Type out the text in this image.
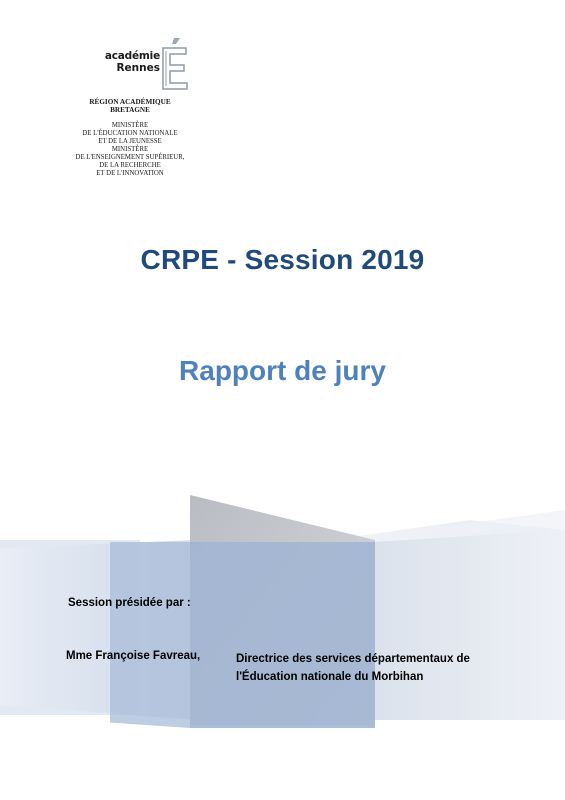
académie
Rennes
RÉGION ACADÉMIQUE
BRETAGNE
MINISTÈRE
DE L'ÉDUCATION NATIONALE
ET DE LA JEUNESSE
MINISTÈRE
DE L'ENSEIGNEMENT SUPÉRIEUR,
DE LA RECHERCHE
ET DE L'INNOVATION
CRPE - Session 2019
Rapport de jury
Session présidée par :
Mme Françoise Favreau,	Directrice des services départementaux de
l'Éducation nationale du Morbihan
